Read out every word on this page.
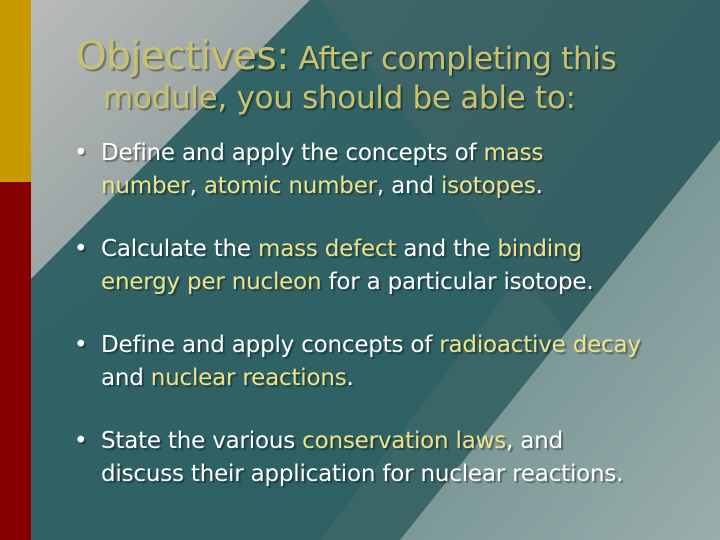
Objectives: After completing this
module, you should be able to:
• Define and apply the concepts of mass
number, atomic number, and isotopes.
• Calculate the mass defect and the binding
energy per nucleon for a particular isotope.
• Define and apply concepts of radioactive decay
and nuclear reactions.
• State the various conservation laws, and
discuss their application for nuclear reactions.
